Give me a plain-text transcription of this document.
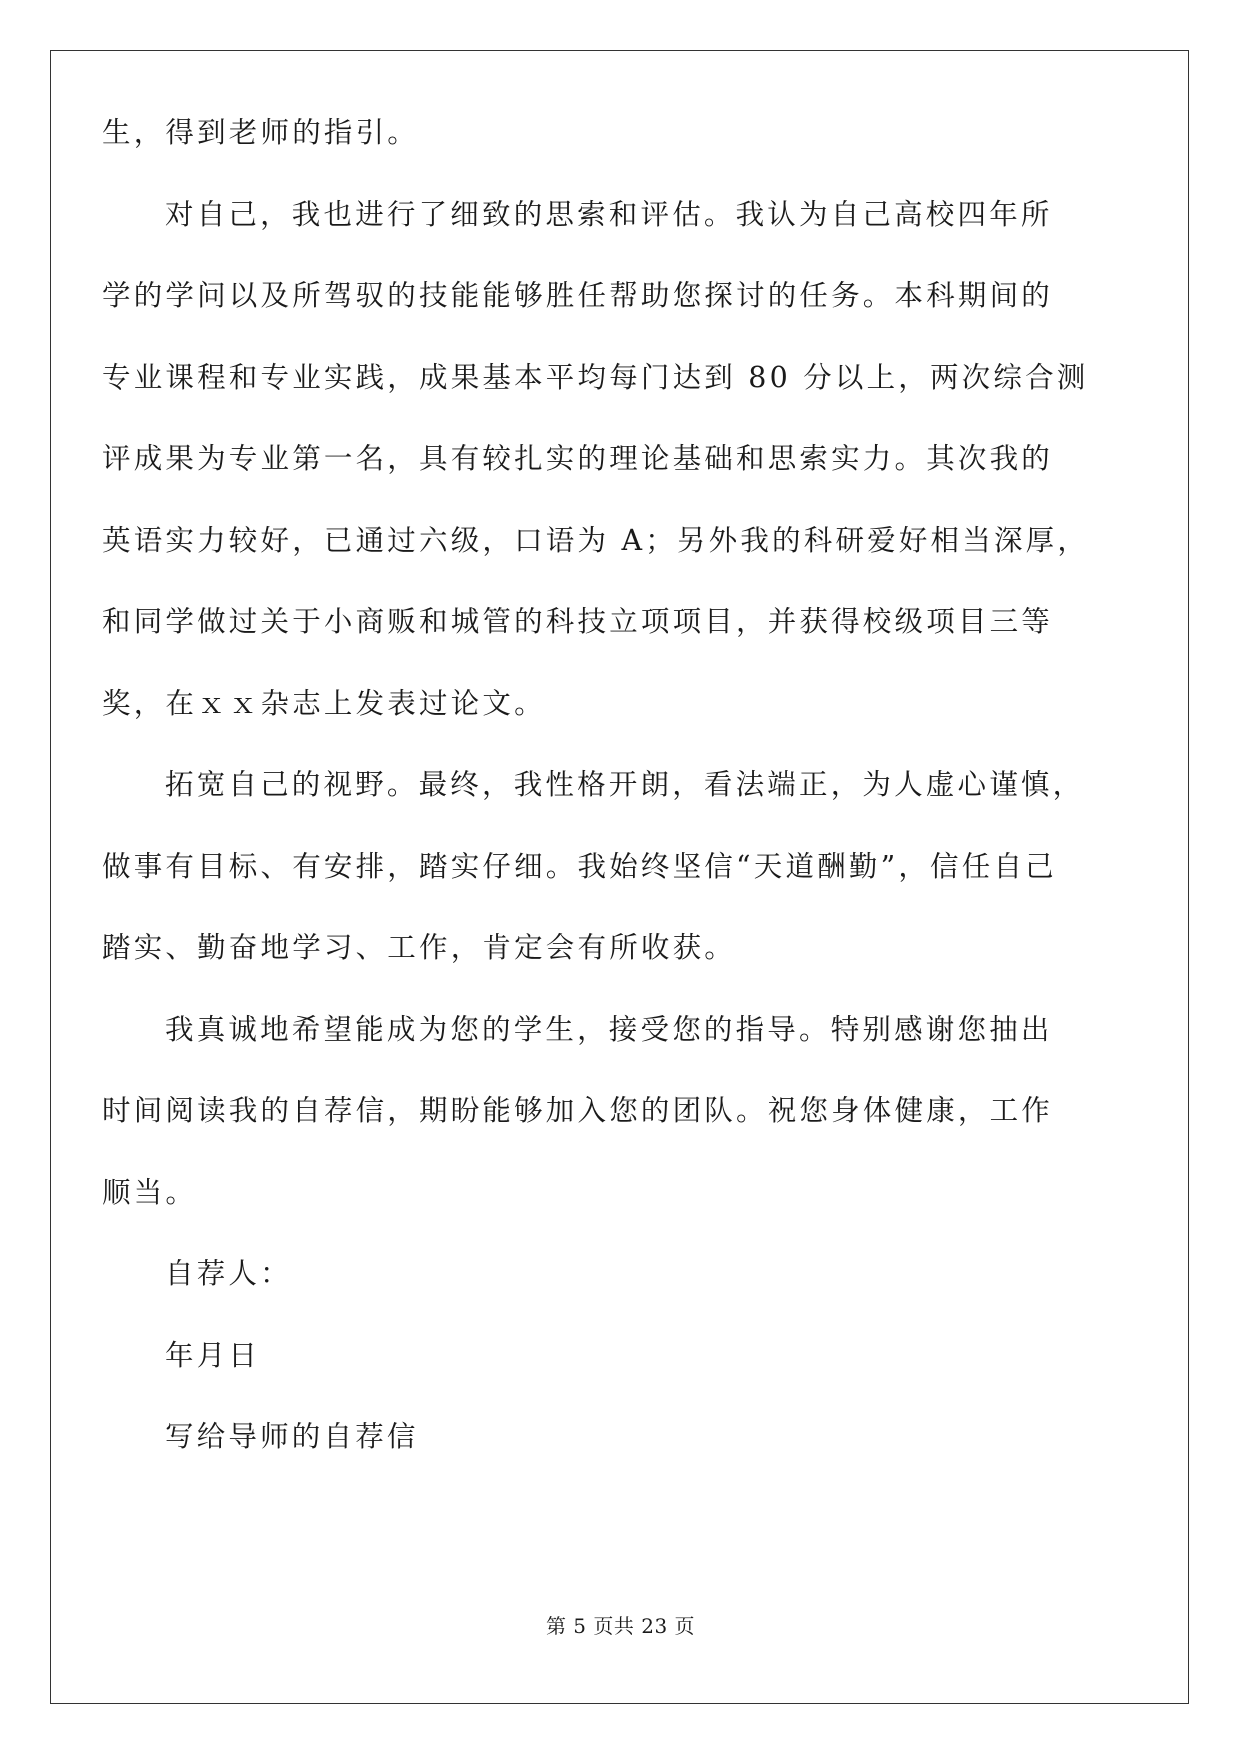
生，得到老师的指引。
对自己，我也进行了细致的思索和评估。我认为自己高校四年所
学的学问以及所驾驭的技能能够胜任帮助您探讨的任务。本科期间的
专业课程和专业实践，成果基本平均每门达到 80 分以上，两次综合测
评成果为专业第一名，具有较扎实的理论基础和思索实力。其次我的
英语实力较好，已通过六级，口语为 A；另外我的科研爱好相当深厚，
和同学做过关于小商贩和城管的科技立项项目，并获得校级项目三等
奖，在ｘｘ杂志上发表过论文。
拓宽自己的视野。最终，我性格开朗，看法端正，为人虚心谨慎，
做事有目标、有安排，踏实仔细。我始终坚信“天道酬勤”，信任自己
踏实、勤奋地学习、工作，肯定会有所收获。
我真诚地希望能成为您的学生，接受您的指导。特别感谢您抽出
时间阅读我的自荐信，期盼能够加入您的团队。祝您身体健康，工作
顺当。
自荐人：
年月日
写给导师的自荐信
第 5 页共 23 页
